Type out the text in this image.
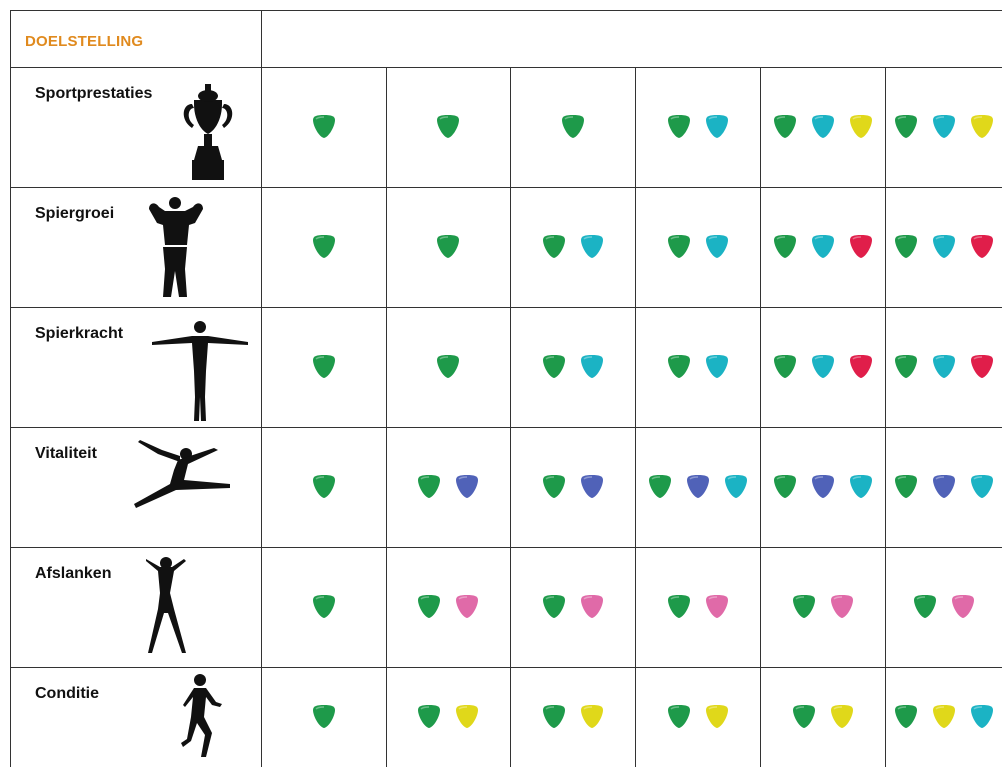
DOELSTELLING
Sportprestaties
Spiergroei
Spierkracht
Vitaliteit
Afslanken
Conditie
